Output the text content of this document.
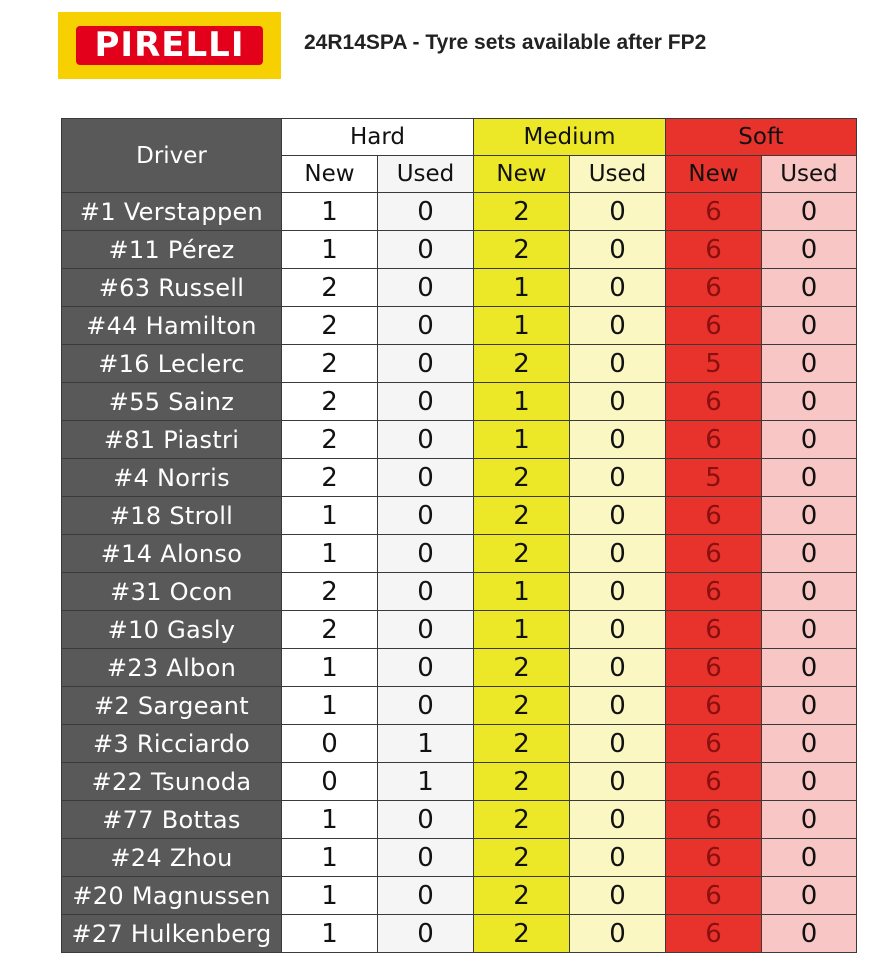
PIRELLI	24R14SPA - Tyre sets available after FP2
Driver	Hard		Medium		Soft	
	New	Used	New	Used	New	Used
#1 Verstappen	1	0	2	0	6	0
#11 Pérez	1	0	2	0	6	0
#63 Russell	2	0	1	0	6	0
#44 Hamilton	2	0	1	0	6	0
#16 Leclerc	2	0	2	0	5	0
#55 Sainz	2	0	1	0	6	0
#81 Piastri	2	0	1	0	6	0
#4 Norris	2	0	2	0	5	0
#18 Stroll	1	0	2	0	6	0
#14 Alonso	1	0	2	0	6	0
#31 Ocon	2	0	1	0	6	0
#10 Gasly	2	0	1	0	6	0
#23 Albon	1	0	2	0	6	0
#2 Sargeant	1	0	2	0	6	0
#3 Ricciardo	0	1	2	0	6	0
#22 Tsunoda	0	1	2	0	6	0
#77 Bottas	1	0	2	0	6	0
#24 Zhou	1	0	2	0	6	0
#20 Magnussen	1	0	2	0	6	0
#27 Hulkenberg	1	0	2	0	6	0
